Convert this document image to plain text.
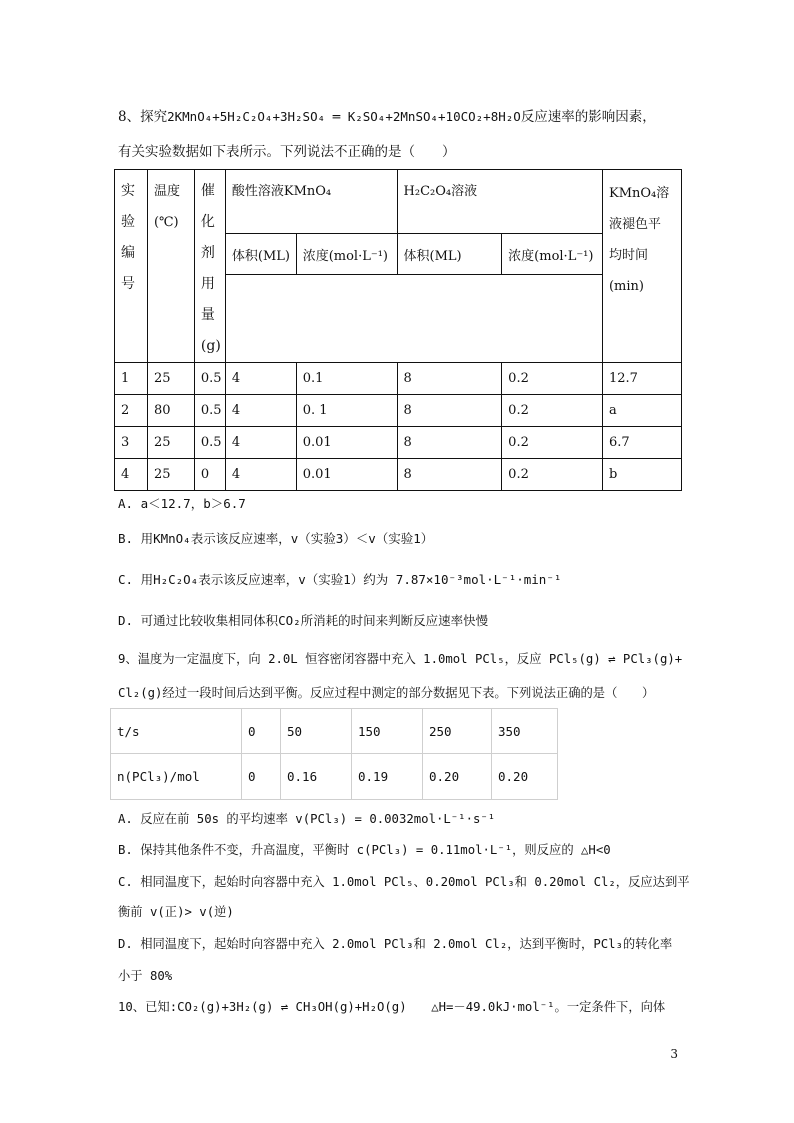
8、探究2KMnO₄+5H₂C₂O₄+3H₂SO₄ ═ K₂SO₄+2MnSO₄+10CO₂+8H₂O反应速率的影响因素，
有关实验数据如下表所示。下列说法不正确的是（　　）
实验编号	温度(℃)	催化剂用量(g)	酸性溶液KMnO₄		H₂C₂O₄溶液		KMnO₄溶液褪色平均时间(min)

			体积(ML)	浓度(mol·L⁻¹)	体积(ML)	浓度(mol·L⁻¹)	

1	25	0.5	4	0.1	8	0.2	12.7
2	80	0.5	4	0. 1	8	0.2	a
3	25	0.5	4	0.01	8	0.2	6.7
4	25	0	4	0.01	8	0.2	b
A. a＜12.7，b＞6.7
B. 用KMnO₄表示该反应速率，v（实验3）＜v（实验1）
C. 用H₂C₂O₄表示该反应速率，v（实验1）约为 7.87×10⁻³mol·L⁻¹·min⁻¹
D. 可通过比较收集相同体积CO₂所消耗的时间来判断反应速率快慢
9、温度为一定温度下，向 2.0L 恒容密闭容器中充入 1.0mol PCl₅，反应 PCl₅(g) ⇌ PCl₃(g)+
Cl₂(g)经过一段时间后达到平衡。反应过程中测定的部分数据见下表。下列说法正确的是（　　）
t/s	0	50	150	250	350
n(PCl₃)/mol	0	0.16	0.19	0.20	0.20
A. 反应在前 50s 的平均速率 v(PCl₃) = 0.0032mol·L⁻¹·s⁻¹
B. 保持其他条件不变，升高温度，平衡时 c(PCl₃) = 0.11mol·L⁻¹，则反应的 △H<0
C. 相同温度下，起始时向容器中充入 1.0mol PCl₅、0.20mol PCl₃和 0.20mol Cl₂，反应达到平
衡前 v(正)> v(逆)
D. 相同温度下，起始时向容器中充入 2.0mol PCl₃和 2.0mol Cl₂，达到平衡时，PCl₃的转化率
小于 80%
10、已知:CO₂(g)+3H₂(g) ⇌ CH₃OH(g)+H₂O(g)　　△H=－49.0kJ·mol⁻¹。一定条件下，向体
3
